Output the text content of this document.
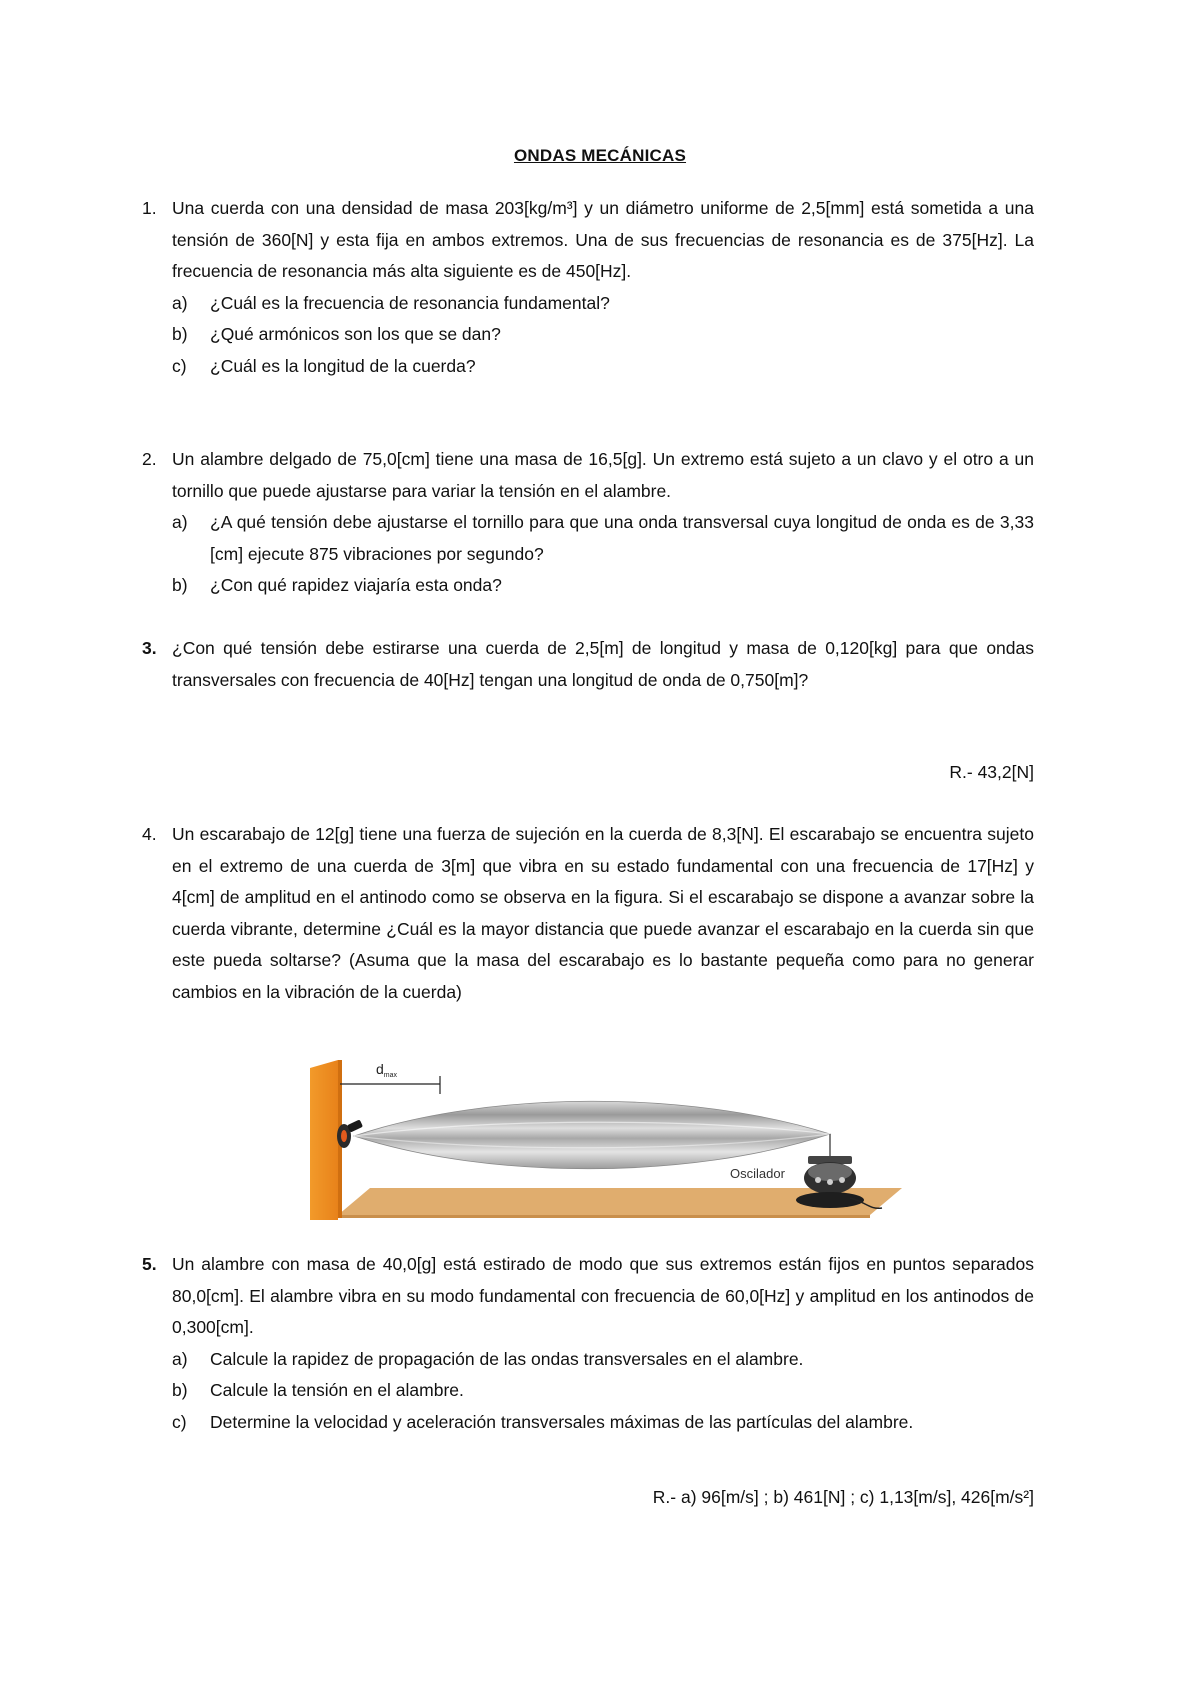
ONDAS MECÁNICAS
1. Una cuerda con una densidad de masa 203[kg/m³] y un diámetro uniforme de 2,5[mm] está sometida a una tensión de 360[N] y esta fija en ambos extremos. Una de sus frecuencias de resonancia es de 375[Hz]. La frecuencia de resonancia más alta siguiente es de 450[Hz].

a) ¿Cuál es la frecuencia de resonancia fundamental?
b) ¿Qué armónicos son los que se dan?
c) ¿Cuál es la longitud de la cuerda?
2. Un alambre delgado de 75,0[cm] tiene una masa de 16,5[g]. Un extremo está sujeto a un clavo y el otro a un tornillo que puede ajustarse para variar la tensión en el alambre.

a) ¿A qué tensión debe ajustarse el tornillo para que una onda transversal cuya longitud de onda es de 3,33 [cm] ejecute 875 vibraciones por segundo?
b) ¿Con qué rapidez viajaría esta onda?
3. ¿Con qué tensión debe estirarse una cuerda de 2,5[m] de longitud y masa de 0,120[kg] para que ondas transversales con frecuencia de 40[Hz] tengan una longitud de onda de 0,750[m]?

R.- 43,2[N]
4. Un escarabajo de 12[g] tiene una fuerza de sujeción en la cuerda de 8,3[N]. El escarabajo se encuentra sujeto en el extremo de una cuerda de 3[m] que vibra en su estado fundamental con una frecuencia de 17[Hz] y 4[cm] de amplitud en el antinodo como se observa en la figura. Si el escarabajo se dispone a avanzar sobre la cuerda vibrante, determine ¿Cuál es la mayor distancia que puede avanzar el escarabajo en la cuerda sin que este pueda soltarse? (Asuma que la masa del escarabajo es lo bastante pequeña como para no generar cambios en la vibración de la cuerda)

$d_{max}$
Oscilador
5. Un alambre con masa de 40,0[g] está estirado de modo que sus extremos están fijos en puntos separados 80,0[cm]. El alambre vibra en su modo fundamental con frecuencia de 60,0[Hz] y amplitud en los antinodos de 0,300[cm].

a) Calcule la rapidez de propagación de las ondas transversales en el alambre.
b) Calcule la tensión en el alambre.
c) Determine la velocidad y aceleración transversales máximas de las partículas del alambre.
R.- a) 96[m/s] ; b) 461[N] ; c) 1,13[m/s], 426[m/s²]
